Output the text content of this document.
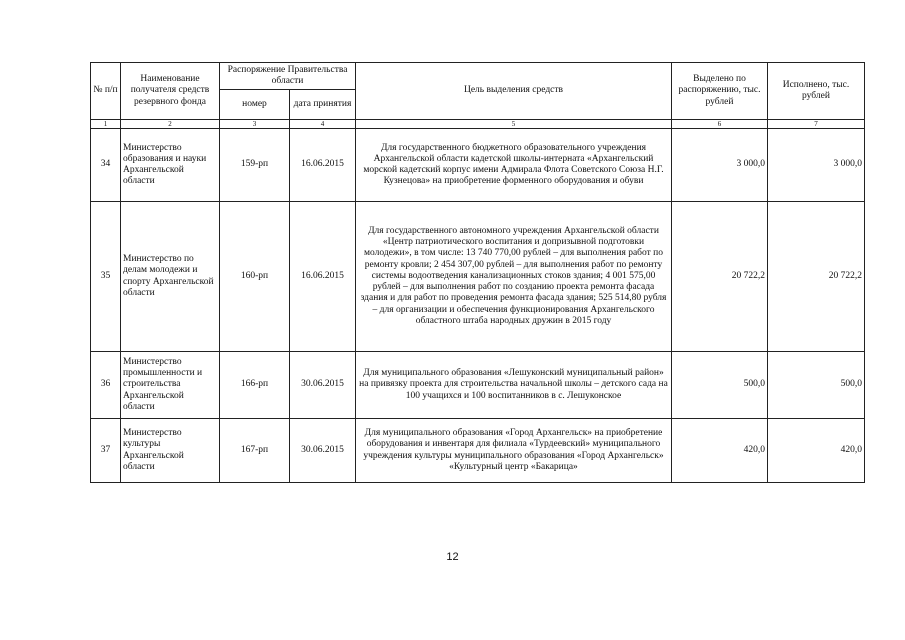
№ п/п	Наименование получателя средств резервного фонда	Распоряжение Правительства области		Цель выделения средств	Выделено по распоряжению, тыс. рублей	Исполнено, тыс. рублей
		номер	дата принятия			
1	2	3	4	5	6	7
34	Министерство образования и науки Архангельской области	159-рп	16.06.2015	Для государственного бюджетного образовательного учреждения Архангельской области кадетской школы-интерната «Архангельский морской кадетский корпус имени Адмирала Флота Советского Союза Н.Г. Кузнецова» на приобретение форменного оборудования и обуви	3 000,0	3 000,0
35	Министерство по делам молодежи и спорту Архангельской области	160-рп	16.06.2015	Для государственного автономного учреждения Архангельской области «Центр патриотического воспитания и допризывной подготовки молодежи», в том числе: 13 740 770,00 рублей – для выполнения работ по ремонту кровли; 2 454 307,00 рублей – для выполнения работ по ремонту системы водоотведения канализационных стоков здания; 4 001 575,00 рублей – для выполнения работ по созданию проекта ремонта фасада здания и для работ по проведения ремонта фасада здания; 525 514,80 рубля – для организации и обеспечения функционирования Архангельского областного штаба народных дружин в 2015 году	20 722,2	20 722,2
36	Министерство промышленности и строительства Архангельской области	166-рп	30.06.2015	Для муниципального образования «Лешуконский муниципальный район» на привязку проекта для строительства начальной школы – детского сада на 100 учащихся и 100 воспитанников в с. Лешуконское	500,0	500,0
37	Министерство культуры Архангельской области	167-рп	30.06.2015	Для муниципального образования «Город Архангельск» на приобретение оборудования и инвентаря для филиала «Турдеевский» муниципального учреждения культуры муниципального образования «Город Архангельск» «Культурный центр «Бакарица»	420,0	420,0
12
